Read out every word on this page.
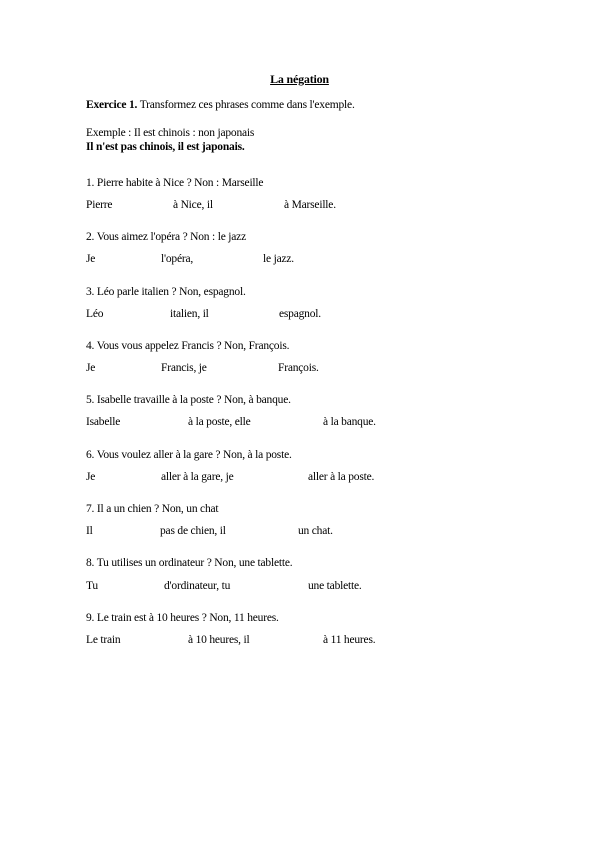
La négation
Exercice 1. Transformez ces phrases comme dans l'exemple.
Exemple : Il est chinois : non japonais
Il n'est pas chinois, il est japonais.
1. Pierre habite à Nice ? Non : Marseille
Pierre	à Nice, il	à Marseille.
2. Vous aimez l'opéra ? Non : le jazz
Je	l'opéra,	le jazz.
3. Léo parle italien ? Non, espagnol.
Léo	italien, il	espagnol.
4. Vous vous appelez Francis ? Non, François.
Je	Francis, je	François.
5. Isabelle travaille à la poste ? Non, à banque.
Isabelle	à la poste, elle	à la banque.
6. Vous voulez aller à la gare ? Non, à la poste.
Je	aller à la gare, je	aller à la poste.
7. Il a un chien ? Non, un chat
Il	pas de chien, il	un chat.
8. Tu utilises un ordinateur ? Non, une tablette.
Tu	d'ordinateur, tu	une tablette.
9. Le train est à 10 heures ? Non, 11 heures.
Le train	à 10 heures, il	à 11 heures.
